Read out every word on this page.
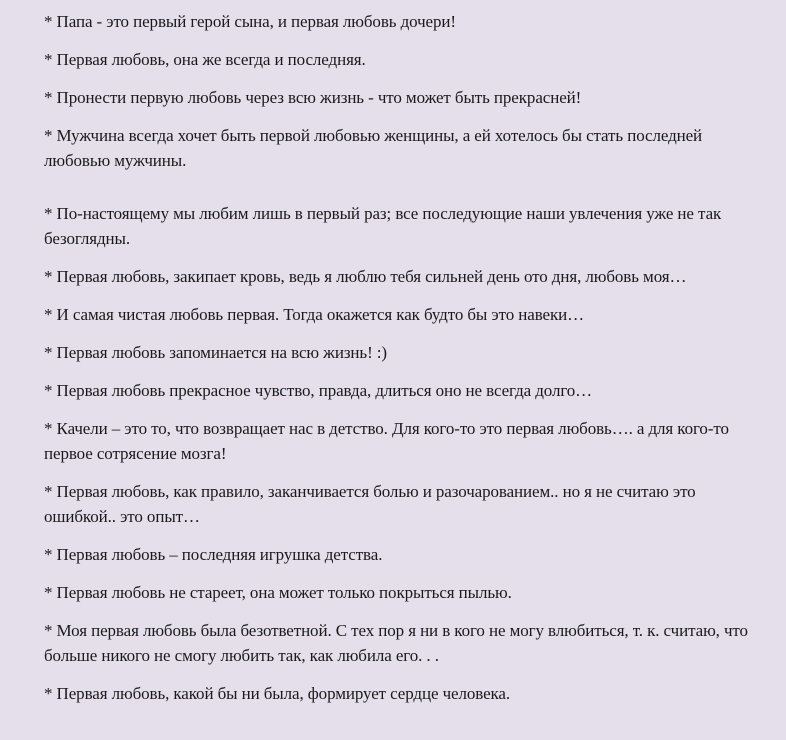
* Папа - это первый герой сына, и первая любовь дочери!

* Первая любовь, она же всегда и последняя.

* Пронести первую любовь через всю жизнь - что может быть прекрасней!

* Мужчина всегда хочет быть первой любовью женщины, а ей хотелось бы стать последней любовью мужчины.

* По-настоящему мы любим лишь в первый раз; все последующие наши увлечения уже не так безоглядны.

* Первая любовь, закипает кровь, ведь я люблю тебя сильней день ото дня, любовь моя…

* И самая чистая любовь первая. Тогда окажется как будто бы это навеки…

* Первая любовь запоминается на всю жизнь! :)

* Первая любовь прекрасное чувство, правда, длиться оно не всегда долго…

* Качели – это то, что возвращает нас в детство. Для кого-то это первая любовь…. а для кого-то первое сотрясение мозга!

* Первая любовь, как правило, заканчивается болью и разочарованием.. но я не считаю это ошибкой.. это опыт…

* Первая любовь – последняя игрушка детства.

* Первая любовь не стареет, она может только покрыться пылью.

* Моя первая любовь была безответной. С тех пор я ни в кого не могу влюбиться, т. к. считаю, что больше никого не смогу любить так, как любила его. . .

* Первая любовь, какой бы ни была, формирует сердце человека.
